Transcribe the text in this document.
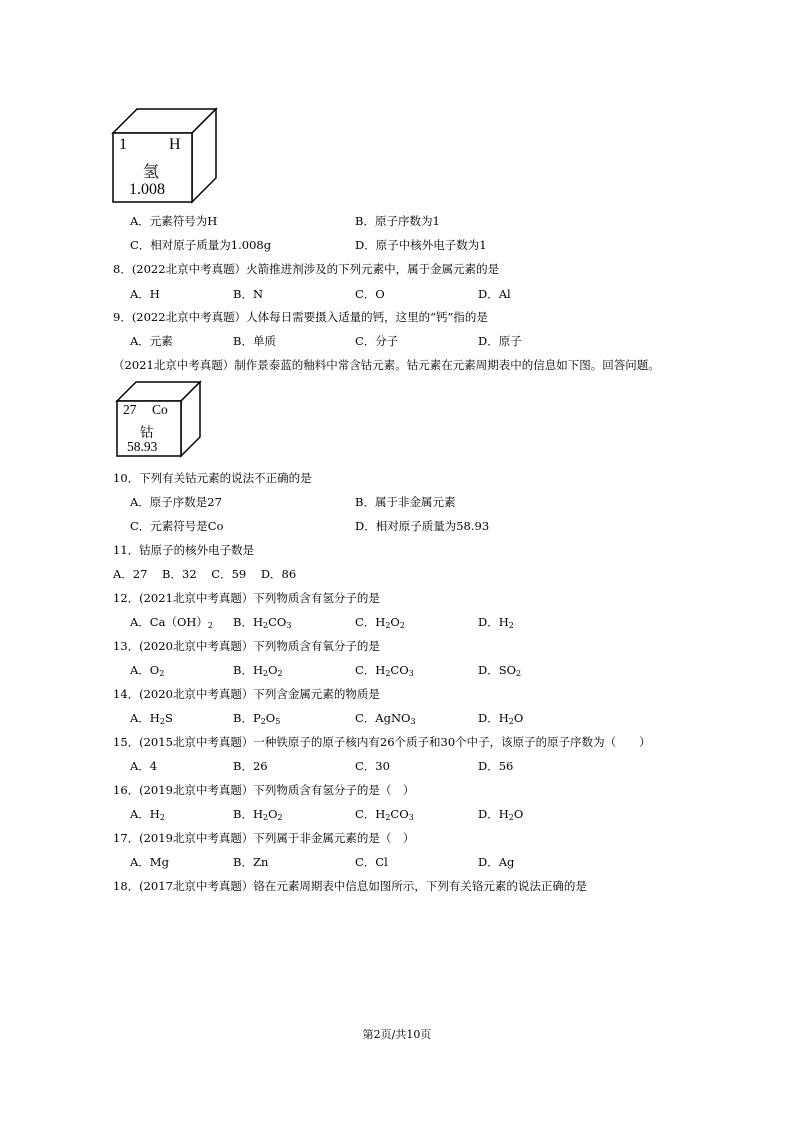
1	H
氢
1.008
A．元素符号为H	B．原子序数为1
C．相对原子质量为1.008g	D．原子中核外电子数为1
8．(2022北京中考真题）火箭推进剂涉及的下列元素中，属于金属元素的是
A．H	B．N	C．O	D．Al
9．(2022北京中考真题）人体每日需要摄入适量的钙，这里的“钙”指的是
A．元素	B．单质	C．分子	D．原子
（2021北京中考真题）制作景泰蓝的釉料中常含钴元素。钴元素在元素周期表中的信息如下图。回答问题。
27 Co
钴
58.93
10．下列有关钴元素的说法不正确的是
A．原子序数是27	B．属于非金属元素
C．元素符号是Co	D．相对原子质量为58.93
11．钴原子的核外电子数是
A．27    B．32    C．59    D．86
12．(2021北京中考真题）下列物质含有氢分子的是
A．$Ca(OH)_2$ B．$H_2CO_3$	C．$H_2O_2$	D．$H_2$
13．(2020北京中考真题）下列物质含有氧分子的是
A．$O_2$	B．$H_2O_2$	C．$H_2CO_3$	D．$SO_2$
14．(2020北京中考真题）下列含金属元素的物质是
A．$H_2S$	B．$P_2O_5$	C．AgNO$_3$	D．$H_2O$
15．(2015北京中考真题）一种铁原子的原子核内有26个质子和30个中子，该原子的原子序数为（　　）
A．4	B．26	C．30	D．56
16．(2019北京中考真题）下列物质含有氢分子的是（　）
A．$H_2$	B．$H_2O_2$	C．$H_2CO_3$	D．$H_2O$
17．(2019北京中考真题）下列属于非金属元素的是（　）
A．Mg	B．Zn	C．Cl	D．Ag
18．(2017北京中考真题）铬在元素周期表中信息如图所示，下列有关铬元素的说法正确的是
第2页/共10页
